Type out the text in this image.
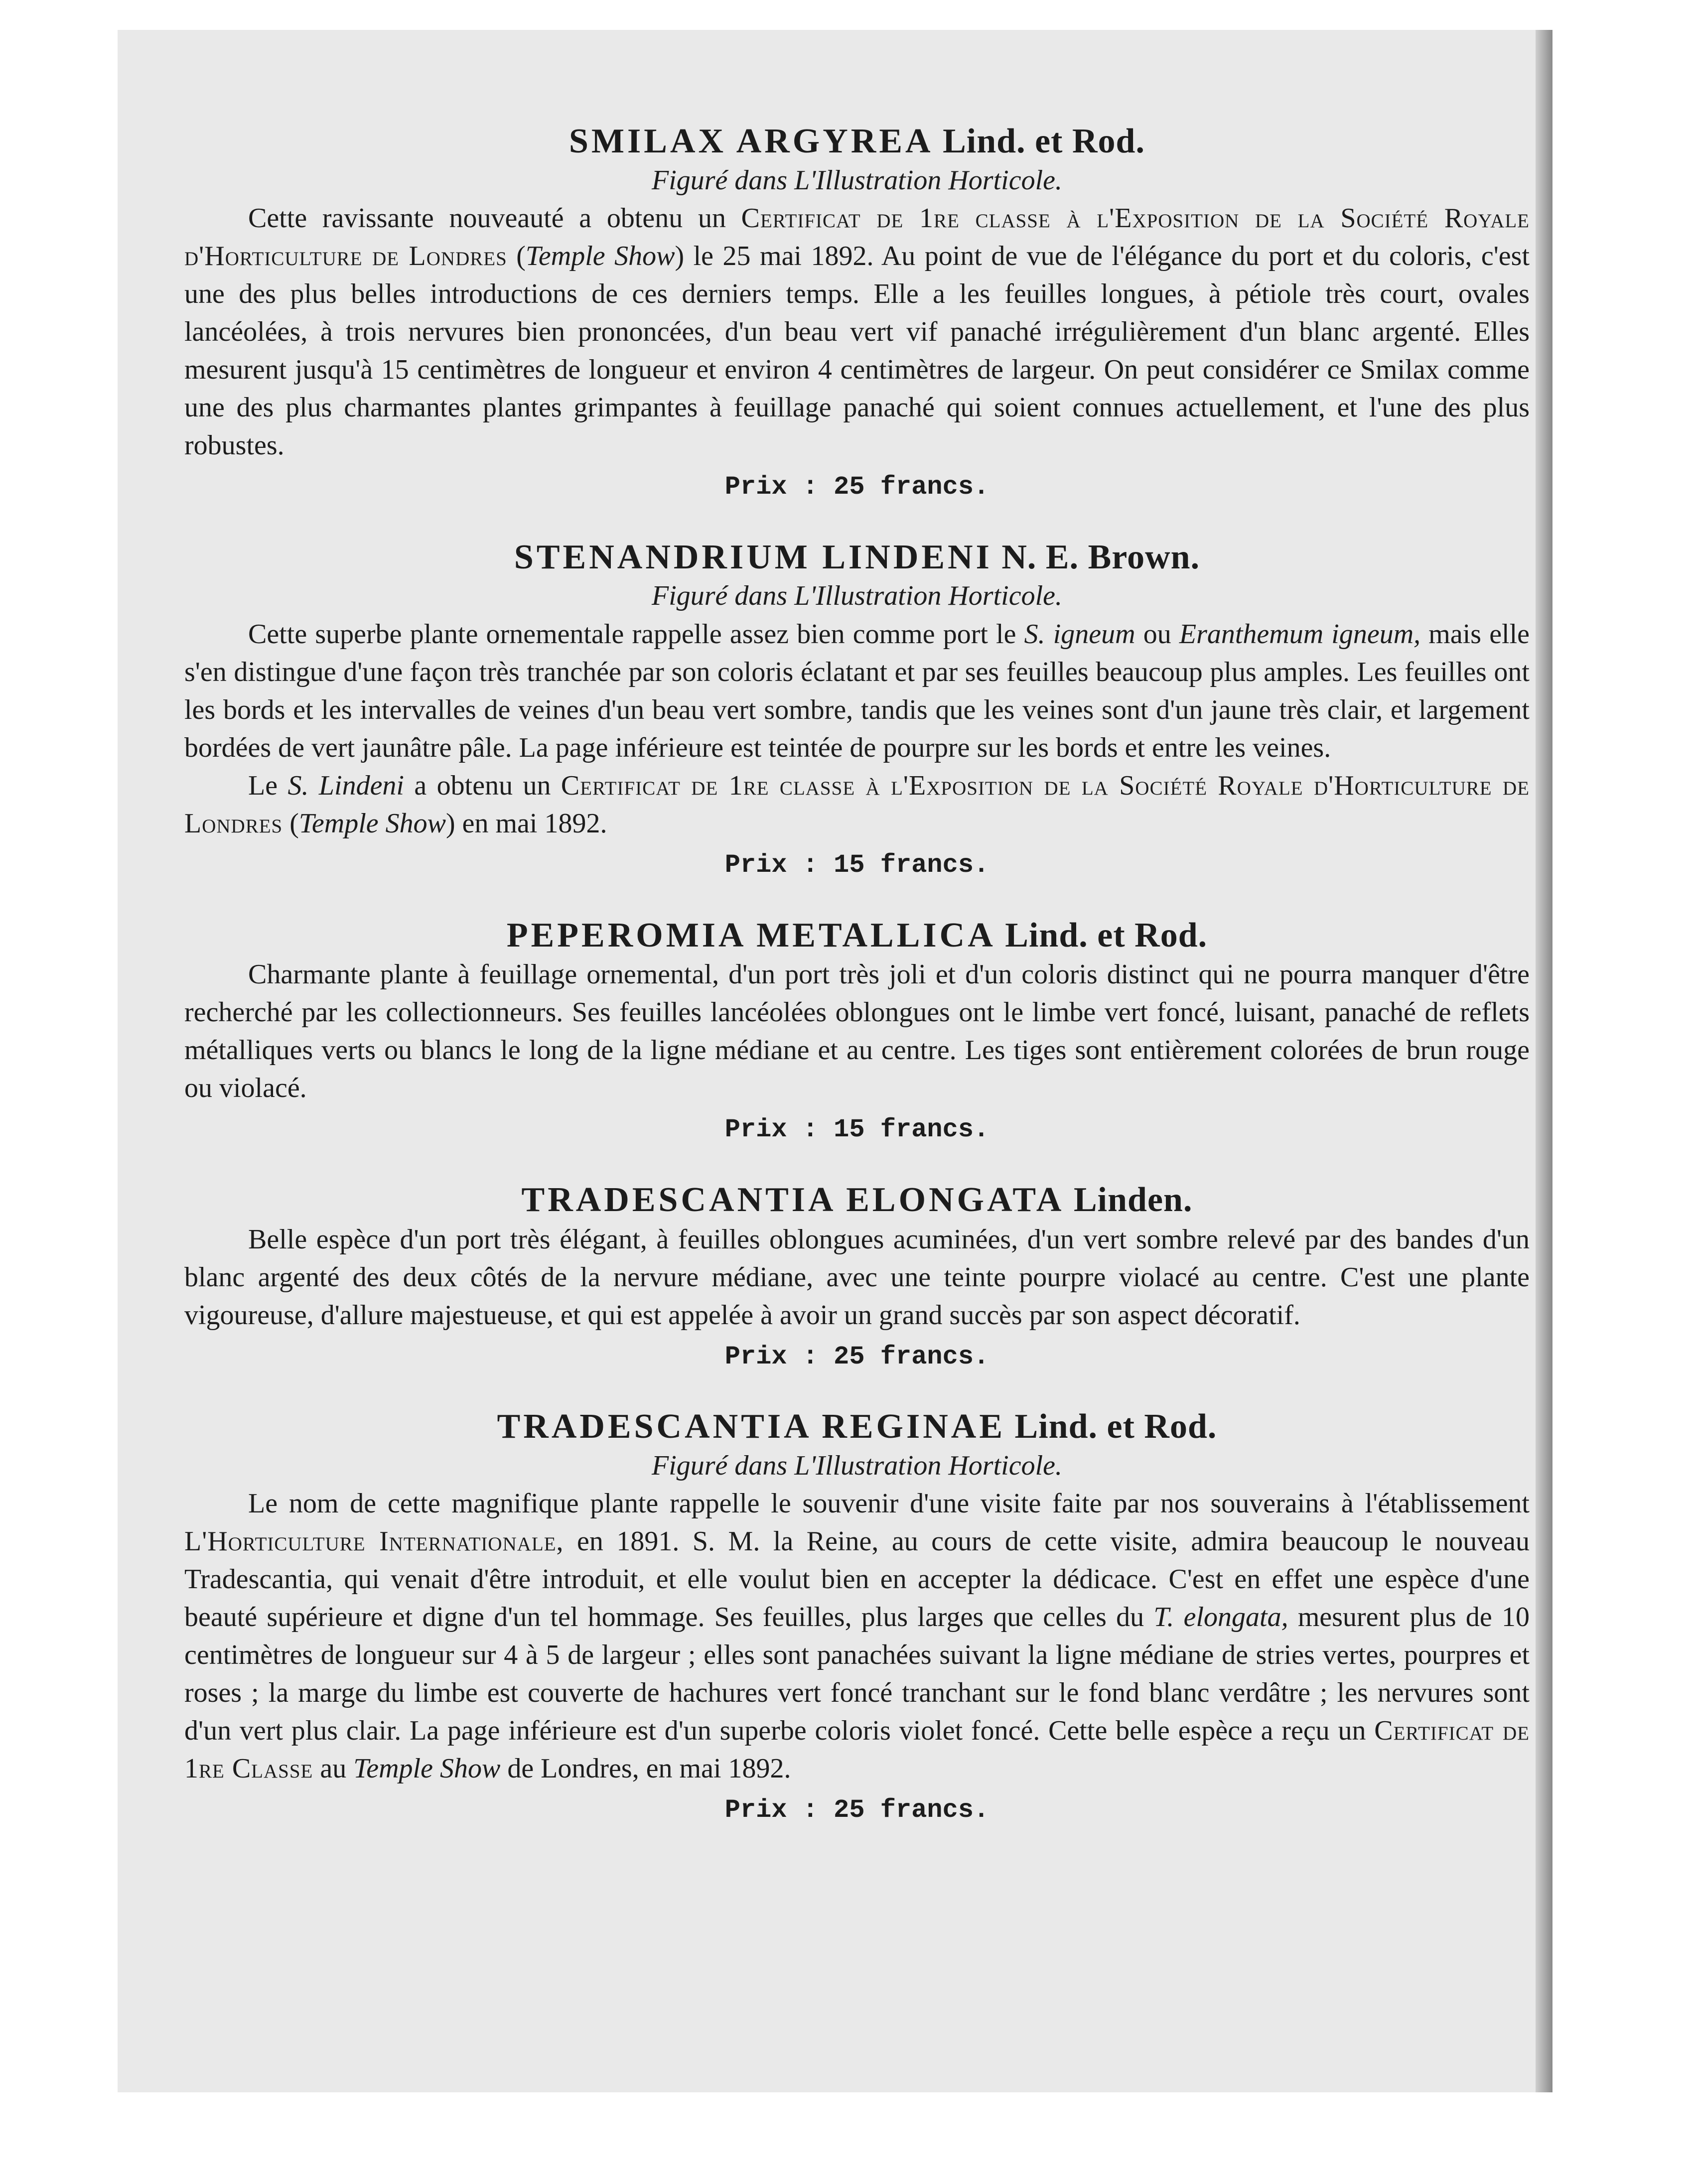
SMILAX ARGYREA Lind. et Rod.

Figuré dans L'Illustration Horticole.

Cette ravissante nouveauté a obtenu un Certificat de 1re classe à l'Exposition de la Société Royale d'Horticulture de Londres (Temple Show) le 25 mai 1892. Au point de vue de l'élégance du port et du coloris, c'est une des plus belles introductions de ces derniers temps. Elle a les feuilles longues, à pétiole très court, ovales lancéolées, à trois nervures bien prononcées, d'un beau vert vif panaché irrégulièrement d'un blanc argenté. Elles mesurent jusqu'à 15 centimètres de longueur et environ 4 centimètres de largeur. On peut considérer ce Smilax comme une des plus charmantes plantes grimpantes à feuillage panaché qui soient connues actuellement, et l'une des plus robustes.

Prix : 25 francs.

STENANDRIUM LINDENI N. E. Brown.

Figuré dans L'Illustration Horticole.

Cette superbe plante ornementale rappelle assez bien comme port le S. igneum ou Eranthemum igneum, mais elle s'en distingue d'une façon très tranchée par son coloris éclatant et par ses feuilles beaucoup plus amples. Les feuilles ont les bords et les intervalles de veines d'un beau vert sombre, tandis que les veines sont d'un jaune très clair, et largement bordées de vert jaunâtre pâle. La page inférieure est teintée de pourpre sur les bords et entre les veines.

Le S. Lindeni a obtenu un Certificat de 1re classe à l'Exposition de la Société Royale d'Horticulture de Londres (Temple Show) en mai 1892.

Prix : 15 francs.

PEPEROMIA METALLICA Lind. et Rod.

Charmante plante à feuillage ornemental, d'un port très joli et d'un coloris distinct qui ne pourra manquer d'être recherché par les collectionneurs. Ses feuilles lancéolées oblongues ont le limbe vert foncé, luisant, panaché de reflets métalliques verts ou blancs le long de la ligne médiane et au centre. Les tiges sont entièrement colorées de brun rouge ou violacé.

Prix : 15 francs.

TRADESCANTIA ELONGATA Linden.

Belle espèce d'un port très élégant, à feuilles oblongues acuminées, d'un vert sombre relevé par des bandes d'un blanc argenté des deux côtés de la nervure médiane, avec une teinte pourpre violacé au centre. C'est une plante vigoureuse, d'allure majestueuse, et qui est appelée à avoir un grand succès par son aspect décoratif.

Prix : 25 francs.

TRADESCANTIA REGINAE Lind. et Rod.

Figuré dans L'Illustration Horticole.

Le nom de cette magnifique plante rappelle le souvenir d'une visite faite par nos souverains à l'établissement L'Horticulture Internationale, en 1891. S. M. la Reine, au cours de cette visite, admira beaucoup le nouveau Tradescantia, qui venait d'être introduit, et elle voulut bien en accepter la dédicace. C'est en effet une espèce d'une beauté supérieure et digne d'un tel hommage. Ses feuilles, plus larges que celles du T. elongata, mesurent plus de 10 centimètres de longueur sur 4 à 5 de largeur ; elles sont panachées suivant la ligne médiane de stries vertes, pourpres et roses ; la marge du limbe est couverte de hachures vert foncé tranchant sur le fond blanc verdâtre ; les nervures sont d'un vert plus clair. La page inférieure est d'un superbe coloris violet foncé. Cette belle espèce a reçu un Certificat de 1re Classe au Temple Show de Londres, en mai 1892.

Prix : 25 francs.
